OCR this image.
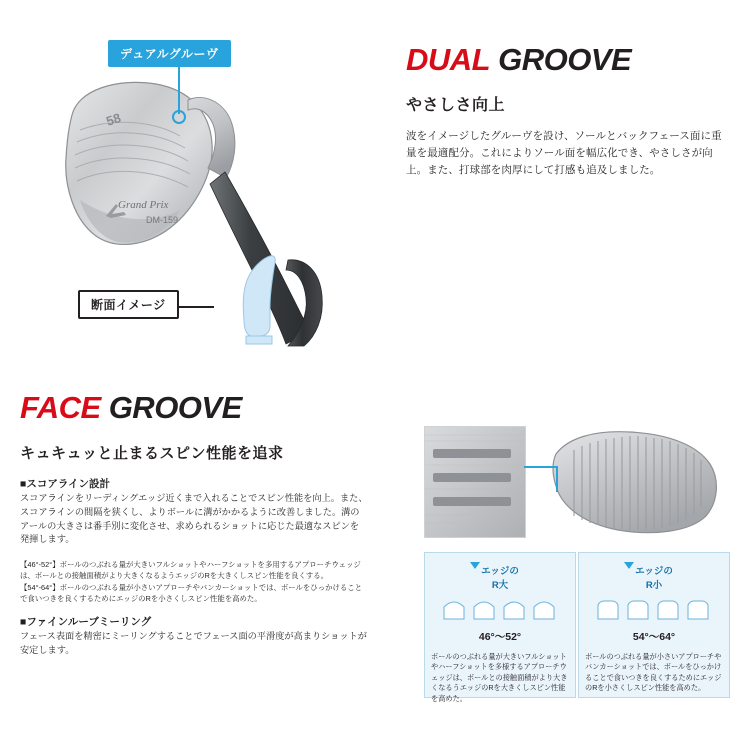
Grand Prix
58
DM-159
デュアルグルーヴ
断面イメージ
DUAL GROOVE
やさしさ向上
波をイメージしたグルーヴを設け、ソールとバックフェース面に重量を最適配分。これによりソール面を幅広化でき、やさしさが向上。また、打球部を肉厚にして打感も追及しました。
FACE GROOVE
キュキュッと止まるスピン性能を追求
■スコアライン設計
スコアラインをリーディングエッジ近くまで入れることでスピン性能を向上。また、スコアラインの間隔を狭くし、よりボールに溝がかかるように改善しました。溝のアールの大きさは番手別に変化させ、求められるショットに応じた最適なスピンを発揮します。
【46°-52°】ボールのつぶれる量が大きいフルショットやハーフショットを多用するアプローチウェッジは、ボールとの接触面積がより大きくなるようエッジのRを大きくしスピン性能を良くする。
【54°-64°】ボールのつぶれる量が小さいアプローチやバンカーショットでは、ボールをひっかけることで食いつきを良くするためにエッジのRを小さくしスピン性能を高めた。
■ファインルーブミーリング
フェース表面を精密にミーリングすることでフェース面の平滑度が高まりショットが安定します。
エッジの
R大
46°〜52°
ボールのつぶれる量が大きいフルショットやハーフショットを多様するアプローチウェッジは、ボールとの接触面積がより大きくなるうエッジのRを大きくしスピン性能を高めた。
エッジの
R小
54°〜64°
ボールのつぶれる量が小さいアプローチやバンカーショットでは、ボールをひっかけることで食いつきを良くするためにエッジのRを小さくしスピン性能を高めた。
